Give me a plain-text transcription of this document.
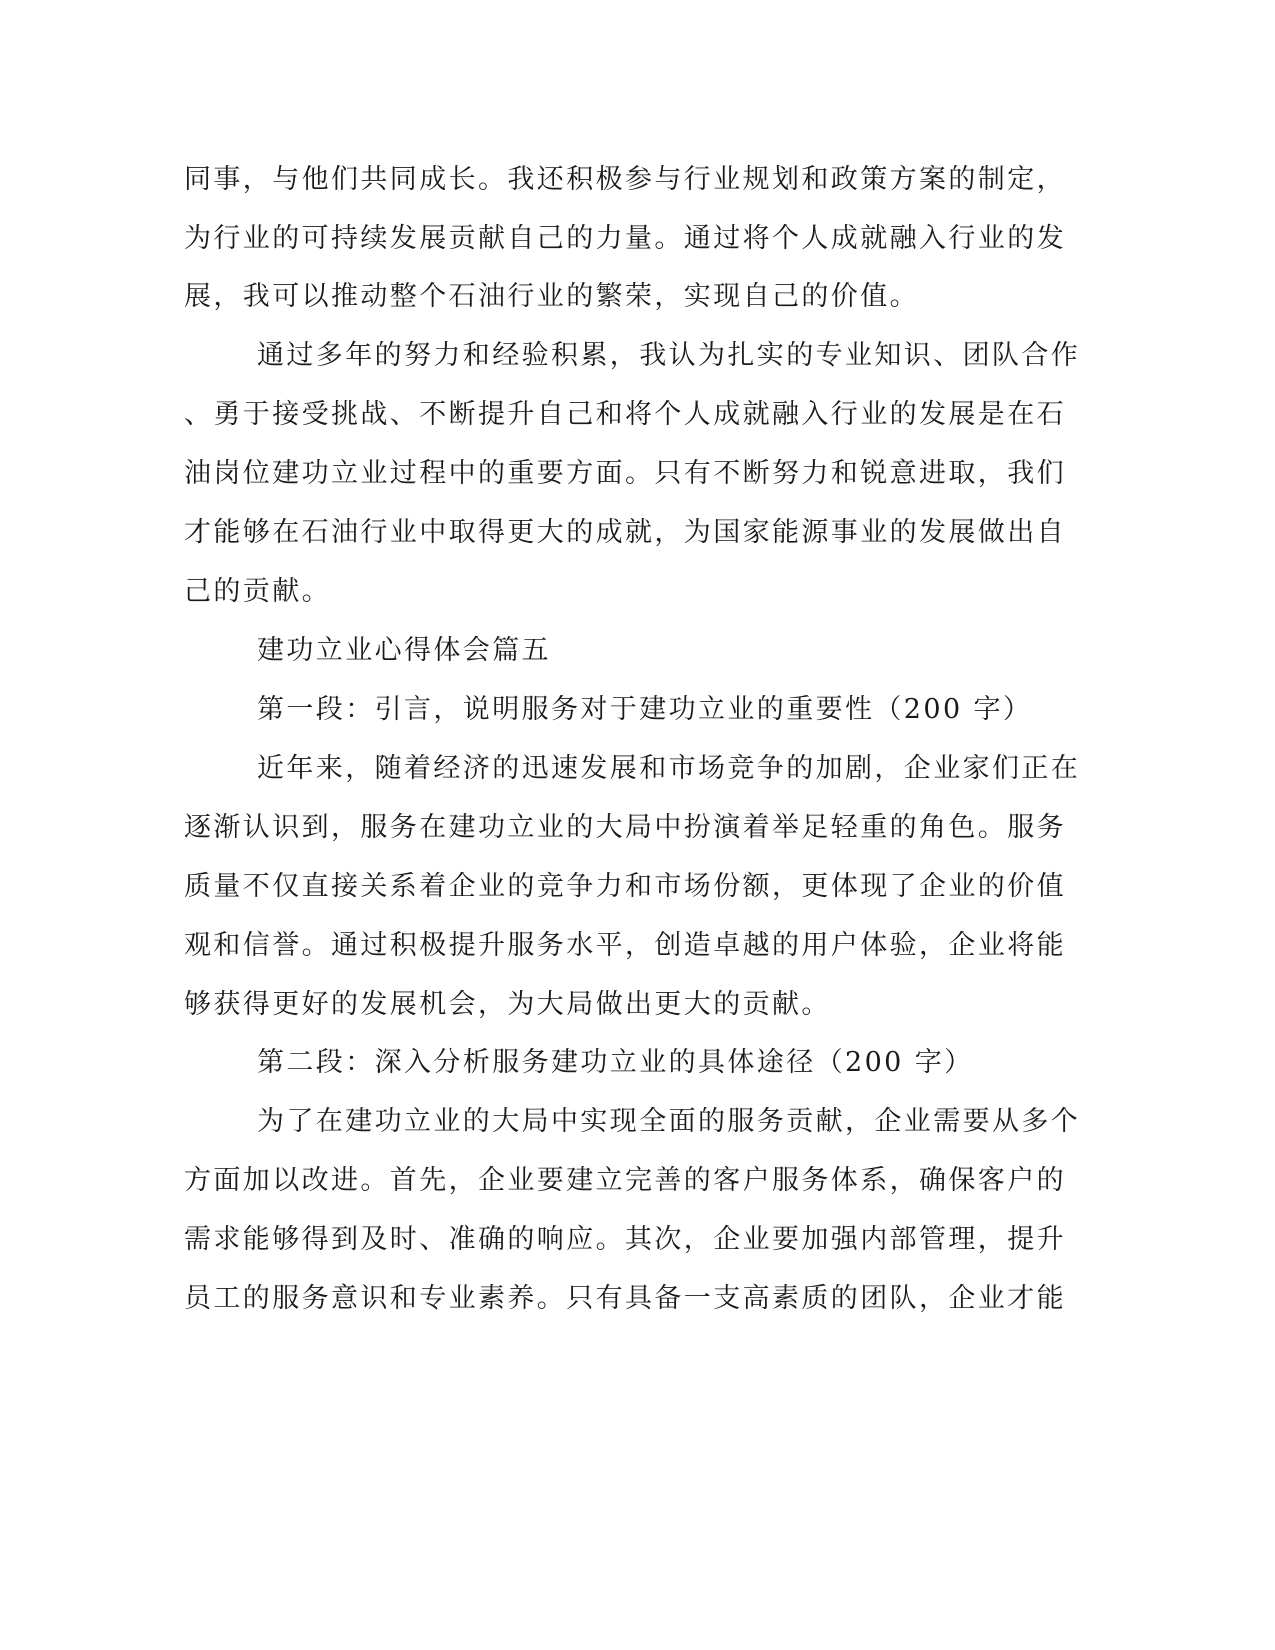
同事，与他们共同成长。我还积极参与行业规划和政策方案的制定，
为行业的可持续发展贡献自己的力量。通过将个人成就融入行业的发
展，我可以推动整个石油行业的繁荣，实现自己的价值。
通过多年的努力和经验积累，我认为扎实的专业知识、团队合作
、勇于接受挑战、不断提升自己和将个人成就融入行业的发展是在石
油岗位建功立业过程中的重要方面。只有不断努力和锐意进取，我们
才能够在石油行业中取得更大的成就，为国家能源事业的发展做出自
己的贡献。
建功立业心得体会篇五
第一段：引言，说明服务对于建功立业的重要性（200 字）
近年来，随着经济的迅速发展和市场竞争的加剧，企业家们正在
逐渐认识到，服务在建功立业的大局中扮演着举足轻重的角色。服务
质量不仅直接关系着企业的竞争力和市场份额，更体现了企业的价值
观和信誉。通过积极提升服务水平，创造卓越的用户体验，企业将能
够获得更好的发展机会，为大局做出更大的贡献。
第二段：深入分析服务建功立业的具体途径（200 字）
为了在建功立业的大局中实现全面的服务贡献，企业需要从多个
方面加以改进。首先，企业要建立完善的客户服务体系，确保客户的
需求能够得到及时、准确的响应。其次，企业要加强内部管理，提升
员工的服务意识和专业素养。只有具备一支高素质的团队，企业才能
